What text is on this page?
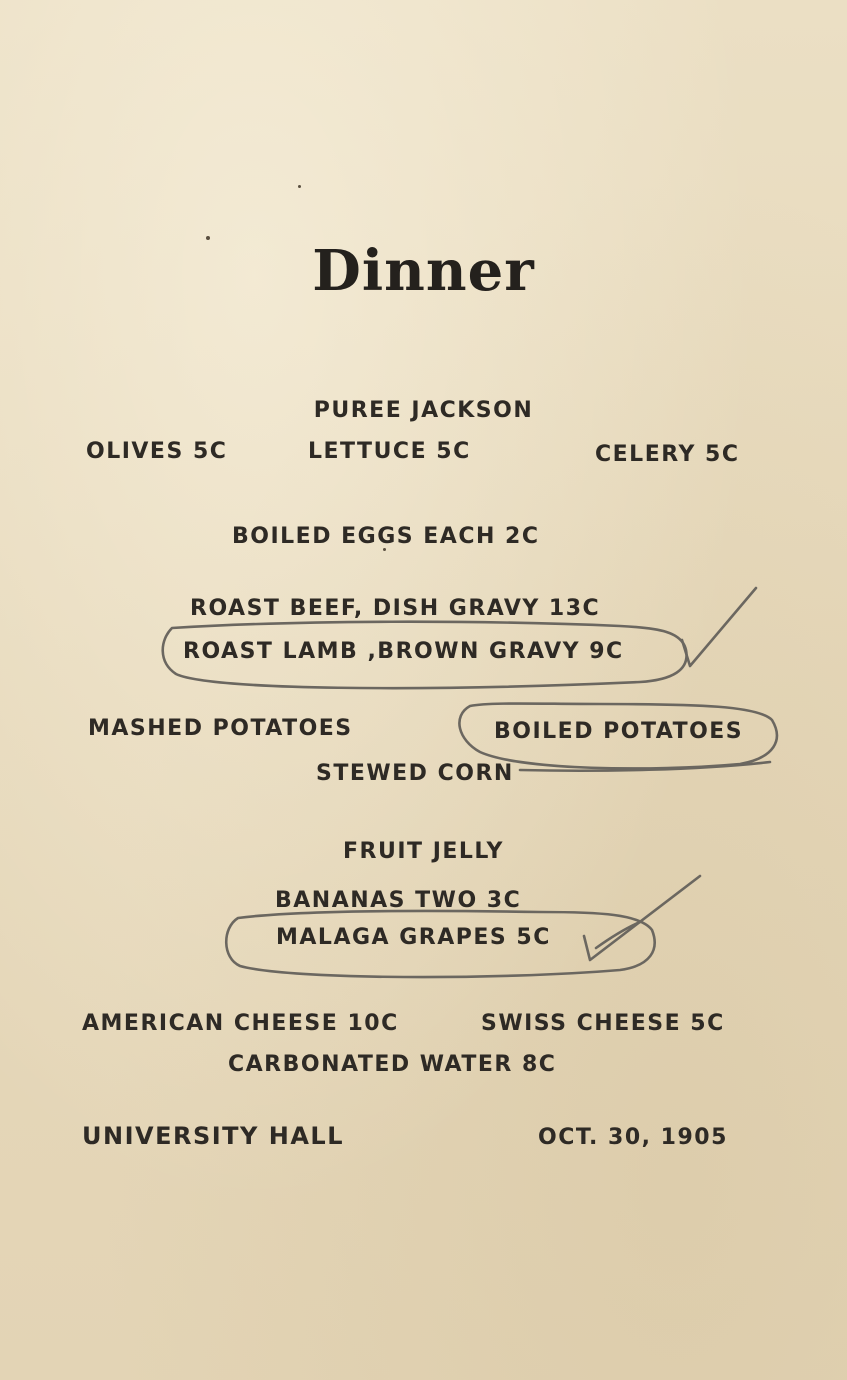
Dinner
PUREE JACKSON
OLIVES 5C	LETTUCE 5C	CELERY 5C
BOILED EGGS EACH 2C
ROAST BEEF, DISH GRAVY 13C
ROAST LAMB ,BROWN GRAVY 9C
MASHED POTATOES	BOILED POTATOES
STEWED CORN
FRUIT JELLY
BANANAS TWO 3C
MALAGA GRAPES 5C
AMERICAN CHEESE 10C	SWISS CHEESE 5C
CARBONATED WATER 8C
UNIVERSITY HALL	OCT. 30, 1905
